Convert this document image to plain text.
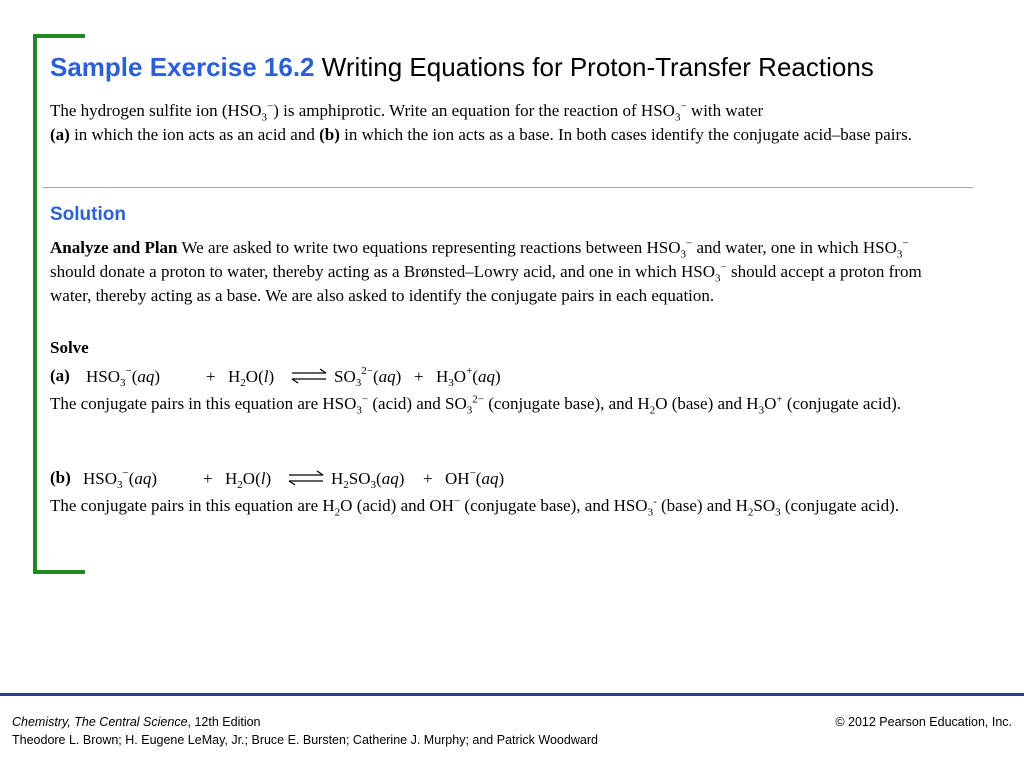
Sample Exercise 16.2 Writing Equations for Proton-Transfer Reactions
The hydrogen sulfite ion $(HSO_3^-)$ is amphiprotic. Write an equation for the reaction of $HSO_3^-$ with water
(a) in which the ion acts as an acid and (b) in which the ion acts as a base. In both cases identify the conjugate acid–base pairs.
Solution
Analyze and Plan We are asked to write two equations representing reactions between $HSO_3^-$ and water, one in which $HSO_3^-$ should donate a proton to water, thereby acting as a Brønsted–Lowry acid, and one in which $HSO_3^-$ should accept a proton from water, thereby acting as a base. We are also asked to identify the conjugate pairs in each equation.
Solve
(a) $HSO_3^-(aq)$	+ $H_2O(l)$	$SO_3^{2-}(aq) + H_3O^+(aq)$
The conjugate pairs in this equation are $HSO_3^-$ (acid) and $SO_3^{2-}$ (conjugate base), and $H_2O$ (base) and $H_3O^+$ (conjugate acid).
(b) $HSO_3^-(aq)$	+ $H_2O(l)$	$H_2SO_3(aq) + OH^-(aq)$
The conjugate pairs in this equation are $H_2O$ (acid) and OH− (conjugate base), and $HSO_3^-$ (base) and $H_2SO_3$ (conjugate acid).
Chemistry, The Central Science, 12th Edition
Theodore L. Brown; H. Eugene LeMay, Jr.; Bruce E. Bursten; Catherine J. Murphy; and Patrick Woodward
© 2012 Pearson Education, Inc.
